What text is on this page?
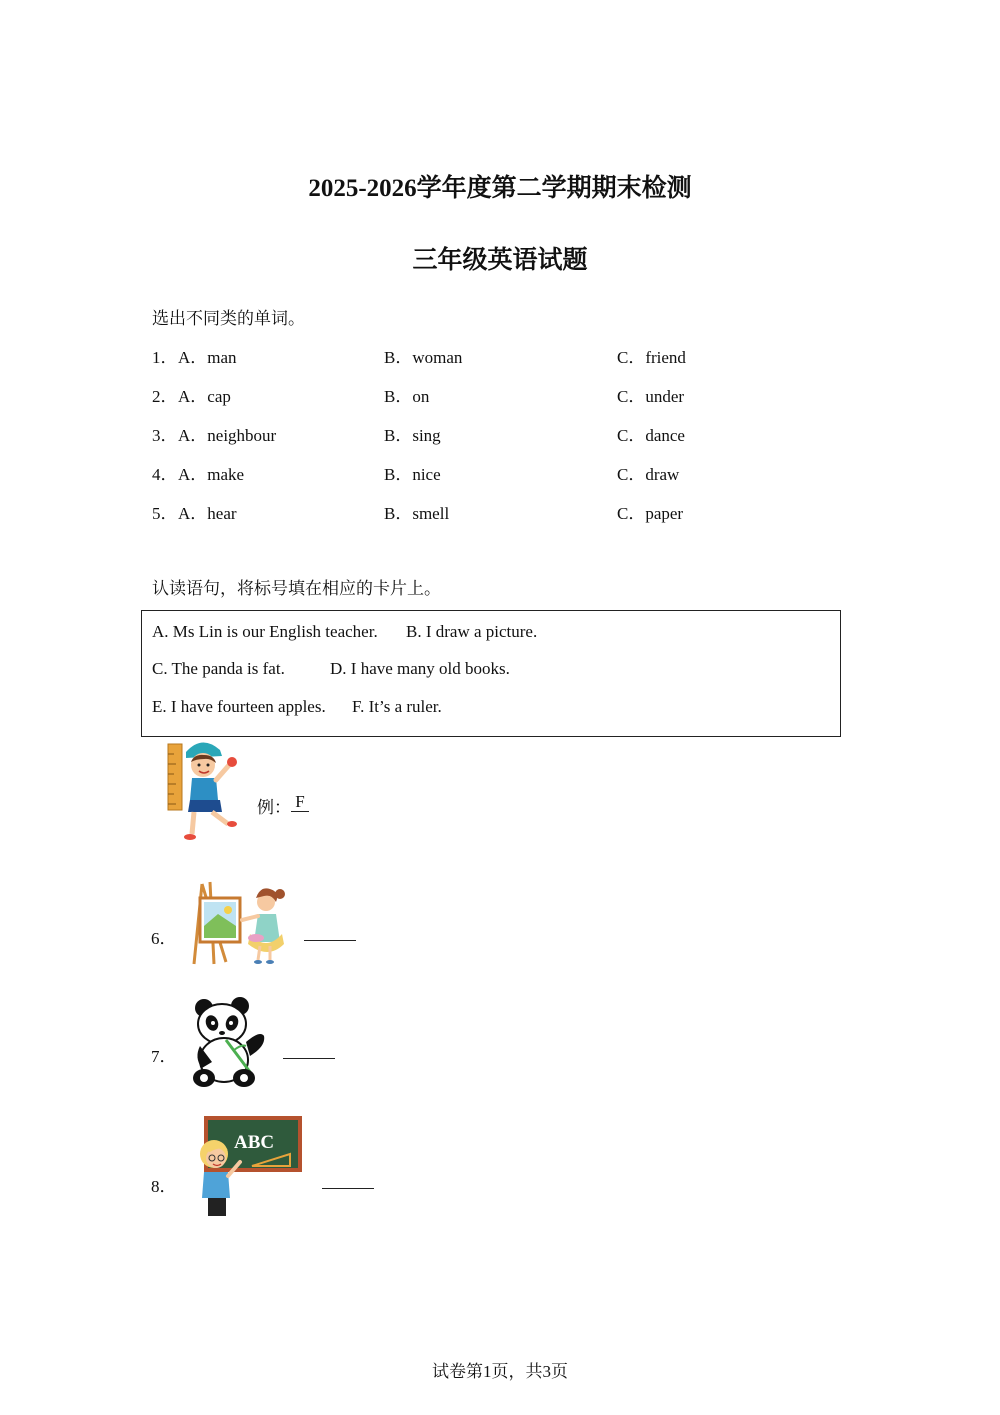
2025-2026学年度第二学期期末检测
三年级英语试题
选出不同类的单词。
1． A．man	B．woman	C．friend
2． A．cap	B．on	C．under
3． A．neighbour	B．sing	C．dance
4． A．make	B．nice	C．draw
5． A．hear	B．smell	C．paper
认读语句，将标号填在相应的卡片上。

A. Ms Lin is our English teacher.

B. I draw a picture.

C. The panda is fat.

	D. I have many old books.

E. I have fourteen apples.

F. It’s a ruler.

例： F
6．
7．
8．
ABC
试卷第1页，共3页
